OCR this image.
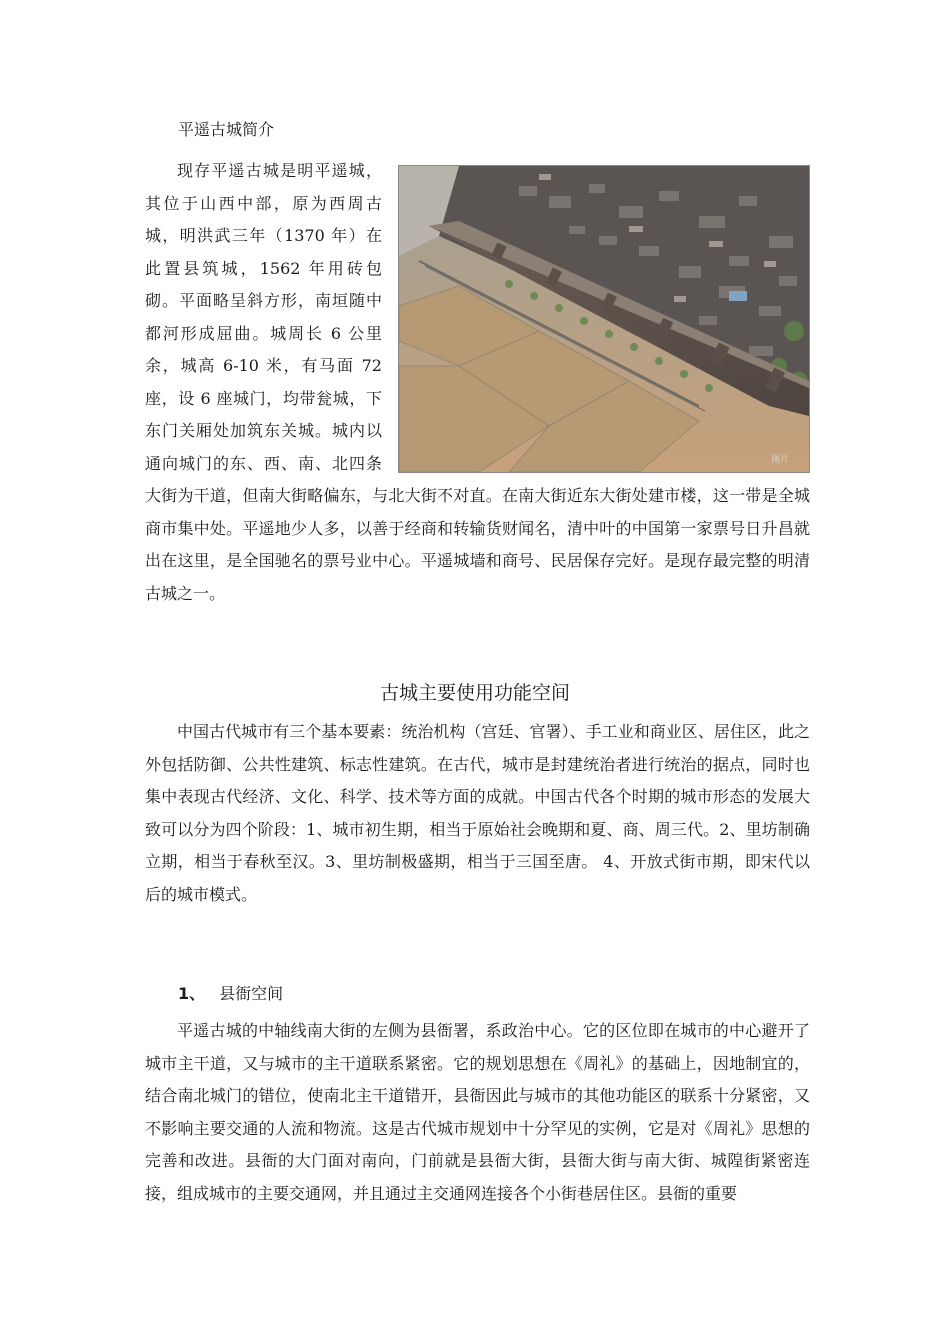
平遥古城简介

图片
现存平遥古城是明平遥城，其位于山西中部，原为西周古城，明洪武三年（1370 年）在此置县筑城，1562 年用砖包砌。平面略呈斜方形，南垣随中都河形成屈曲。城周长 6 公里余，城高 6-10 米，有马面 72 座，设 6 座城门，均带瓮城，下东门关厢处加筑东关城。城内以通向城门的东、西、南、北四条大街为干道，但南大街略偏东，与北大街不对直。在南大街近东大街处建市楼，这一带是全城商市集中处。平遥地少人多，以善于经商和转输货财闻名，清中叶的中国第一家票号日升昌就出在这里，是全国驰名的票号业中心。平遥城墙和商号、民居保存完好。是现存最完整的明清古城之一。

古城主要使用功能空间

中国古代城市有三个基本要素：统治机构（宫廷、官署）、手工业和商业区、居住区，此之外包括防御、公共性建筑、标志性建筑。在古代，城市是封建统治者进行统治的据点，同时也集中表现古代经济、文化、科学、技术等方面的成就。中国古代各个时期的城市形态的发展大致可以分为四个阶段：1、城市初生期，相当于原始社会晚期和夏、商、周三代。2、里坊制确立期，相当于春秋至汉。3、里坊制极盛期，相当于三国至唐。 4、开放式街市期，即宋代以后的城市模式。

1、 县衙空间

平遥古城的中轴线南大街的左侧为县衙署，系政治中心。它的区位即在城市的中心避开了城市主干道，又与城市的主干道联系紧密。它的规划思想在《周礼》的基础上，因地制宜的，结合南北城门的错位，使南北主干道错开，县衙因此与城市的其他功能区的联系十分紧密，又不影响主要交通的人流和物流。这是古代城市规划中十分罕见的实例，它是对《周礼》思想的完善和改进。县衙的大门面对南向，门前就是县衙大街，县衙大街与南大街、城隍街紧密连接，组成城市的主要交通网，并且通过主交通网连接各个小街巷居住区。县衙的重要
